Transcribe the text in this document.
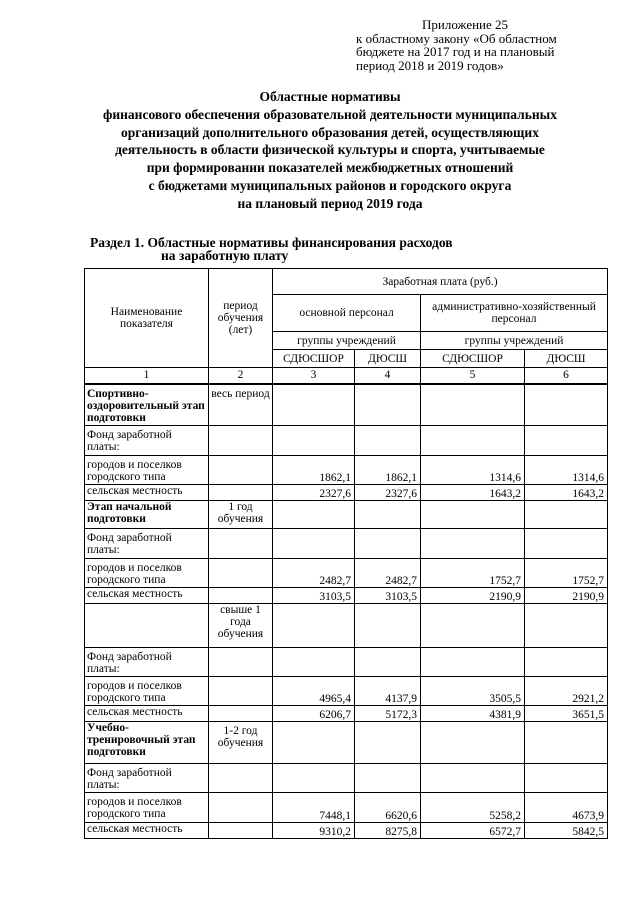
Приложение 25
к областному закону «Об областном
бюджете на 2017 год и на плановый
период 2018 и 2019 годов»
Областные нормативы
финансового обеспечения образовательной деятельности муниципальных
организаций дополнительного образования детей, осуществляющих
деятельность в области физической культуры и спорта, учитываемые
при формировании показателей межбюджетных отношений
с бюджетами муниципальных районов и городского округа
на плановый период 2019 года
Раздел 1. Областные нормативы финансирования расходов
на заработную плату
Наименование показателя	период обучения (лет)	Заработная плата (руб.)			
		основной персонал		административно-хозяйственный персонал	
		группы учреждений		группы учреждений	
		СДЮСШОР	ДЮСШ	СДЮСШОР	ДЮСШ
1	2	3	4	5	6
Спортивно-оздоровительный этап подготовки	весь период				
Фонд заработной платы:					
городов и поселков городского типа		1862,1	1862,1	1314,6	1314,6
сельская местность		2327,6	2327,6	1643,2	1643,2
Этап начальной подготовки	1 год обучения				
Фонд заработной платы:					
городов и поселков городского типа		2482,7	2482,7	1752,7	1752,7
сельская местность		3103,5	3103,5	2190,9	2190,9
	свыше 1 года обучения				
Фонд заработной платы:					
городов и поселков городского типа		4965,4	4137,9	3505,5	2921,2
сельская местность		6206,7	5172,3	4381,9	3651,5
Учебно-тренировочный этап подготовки	1-2 год обучения				
Фонд заработной платы:					
городов и поселков городского типа		7448,1	6620,6	5258,2	4673,9
сельская местность		9310,2	8275,8	6572,7	5842,5
